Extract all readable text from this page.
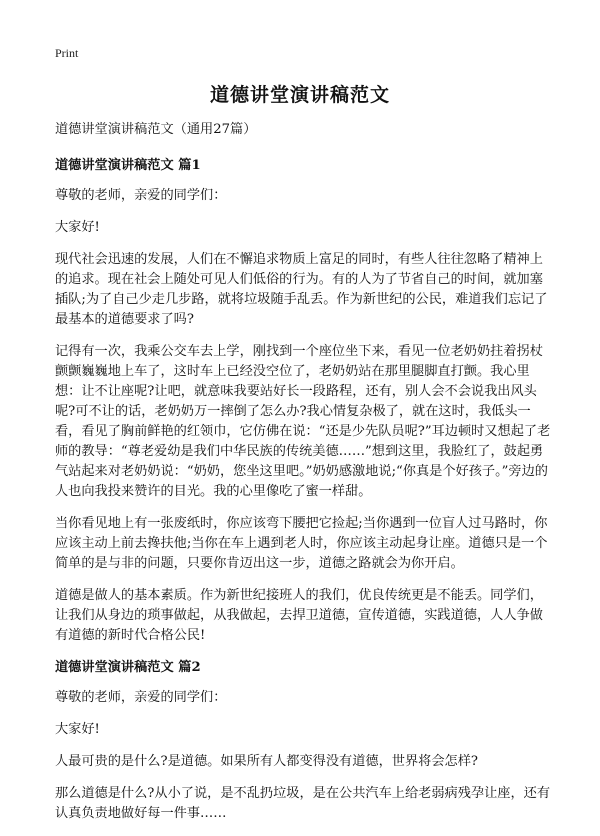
Print
道德讲堂演讲稿范文

道德讲堂演讲稿范文（通用27篇）

道德讲堂演讲稿范文 篇1

尊敬的老师，亲爱的同学们：

大家好!

现代社会迅速的发展，人们在不懈追求物质上富足的同时，有些人往往忽略了精神上的追求。现在社会上随处可见人们低俗的行为。有的人为了节省自己的时间，就加塞插队;为了自己少走几步路，就将垃圾随手乱丢。作为新世纪的公民，难道我们忘记了最基本的道德要求了吗?

记得有一次，我乘公交车去上学，刚找到一个座位坐下来，看见一位老奶奶拄着拐杖颤颤巍巍地上车了，这时车上已经没空位了，老奶奶站在那里腿脚直打颤。我心里想：让不让座呢?让吧，就意味我要站好长一段路程，还有，别人会不会说我出风头呢?可不让的话，老奶奶万一摔倒了怎么办?我心情复杂极了，就在这时，我低头一看，看见了胸前鲜艳的红领巾，它仿佛在说：“还是少先队员呢?”耳边顿时又想起了老师的教导：“尊老爱幼是我们中华民族的传统美德……”想到这里，我脸红了，鼓起勇气站起来对老奶奶说：“奶奶，您坐这里吧。”奶奶感激地说;“你真是个好孩子。”旁边的人也向我投来赞许的目光。我的心里像吃了蜜一样甜。

当你看见地上有一张废纸时，你应该弯下腰把它捡起;当你遇到一位盲人过马路时，你应该主动上前去搀扶他;当你在车上遇到老人时，你应该主动起身让座。道德只是一个简单的是与非的问题，只要你肯迈出这一步，道德之路就会为你开启。

道德是做人的基本素质。作为新世纪接班人的我们，优良传统更是不能丢。同学们，让我们从身边的琐事做起，从我做起，去捍卫道德，宣传道德，实践道德，人人争做有道德的新时代合格公民!

道德讲堂演讲稿范文 篇2

尊敬的老师，亲爱的同学们：

大家好!

人最可贵的是什么?是道德。如果所有人都变得没有道德，世界将会怎样?

那么道德是什么?从小了说，是不乱扔垃圾，是在公共汽车上给老弱病残孕让座，还有认真负责地做好每一件事……
